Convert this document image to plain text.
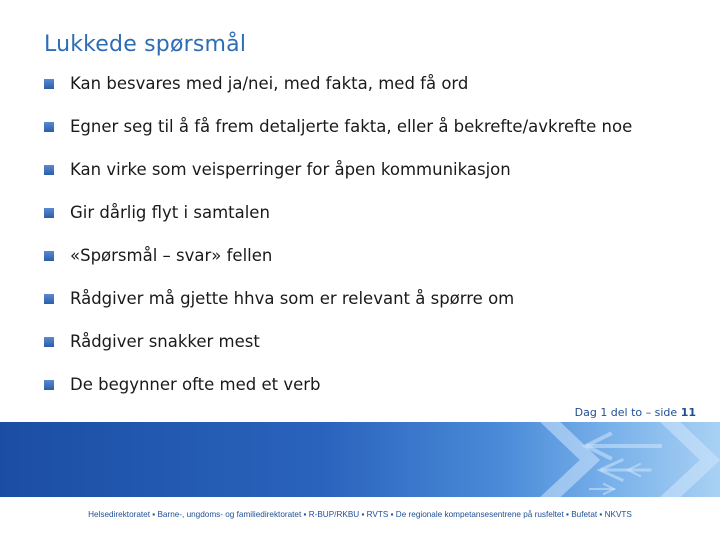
Lukkede spørsmål
Kan besvares med ja/nei, med fakta, med få ord
Egner seg til å få frem detaljerte fakta, eller å bekrefte/avkrefte noe
Kan virke som veisperringer for åpen kommunikasjon
Gir dårlig flyt i samtalen
«Spørsmål – svar» fellen
Rådgiver må gjette hhva som er relevant å spørre om
Rådgiver snakker mest
De begynner ofte med et verb
Dag 1 del to – side 11
Helsedirektoratet ▪ Barne-, ungdoms- og familiedirektoratet ▪ R-BUP/RKBU ▪ RVTS ▪ De regionale kompetansesentrene på rusfeltet ▪ Bufetat ▪ NKVTS
